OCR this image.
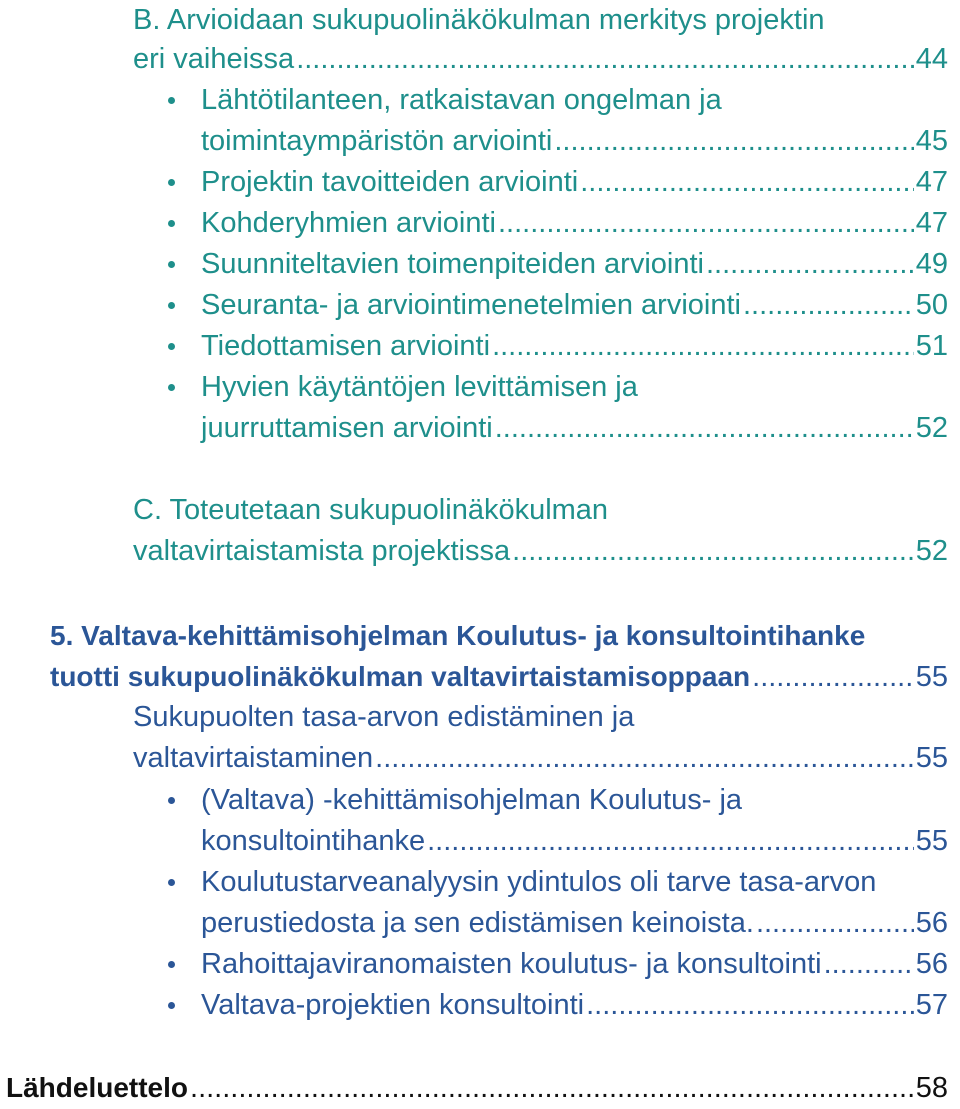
B. Arvioidaan sukupuolinäkökulman merkitys projektin
eri vaiheissa .....	44
Lähtötilanteen, ratkaistavan ongelman ja
toimintaympäristön arviointi .....	45
Projektin tavoitteiden arviointi .....	47
Kohderyhmien arviointi .....	47
Suunniteltavien toimenpiteiden arviointi .....	49
Seuranta- ja arviointimenetelmien arviointi .....	50
Tiedottamisen arviointi .....	51
Hyvien käytäntöjen levittämisen ja
juurruttamisen arviointi .....	52
C. Toteutetaan sukupuolinäkökulman
valtavirtaistamista projektissa .....	52
5. Valtava-kehittämisohjelman Koulutus- ja konsultointihanke
tuotti sukupuolinäkökulman valtavirtaistamisoppaan .....	55
Sukupuolten tasa-arvon edistäminen ja
valtavirtaistaminen .....	55
(Valtava) -kehittämisohjelman Koulutus- ja
konsultointihanke .....	55
Koulutustarveanalyysin ydintulos oli tarve tasa-arvon
perustiedosta ja sen edistämisen keinoista. .....	56
Rahoittajaviranomaisten koulutus- ja konsultointi .....	56
Valtava-projektien konsultointi .....	57
Lähdeluettelo .....	58
